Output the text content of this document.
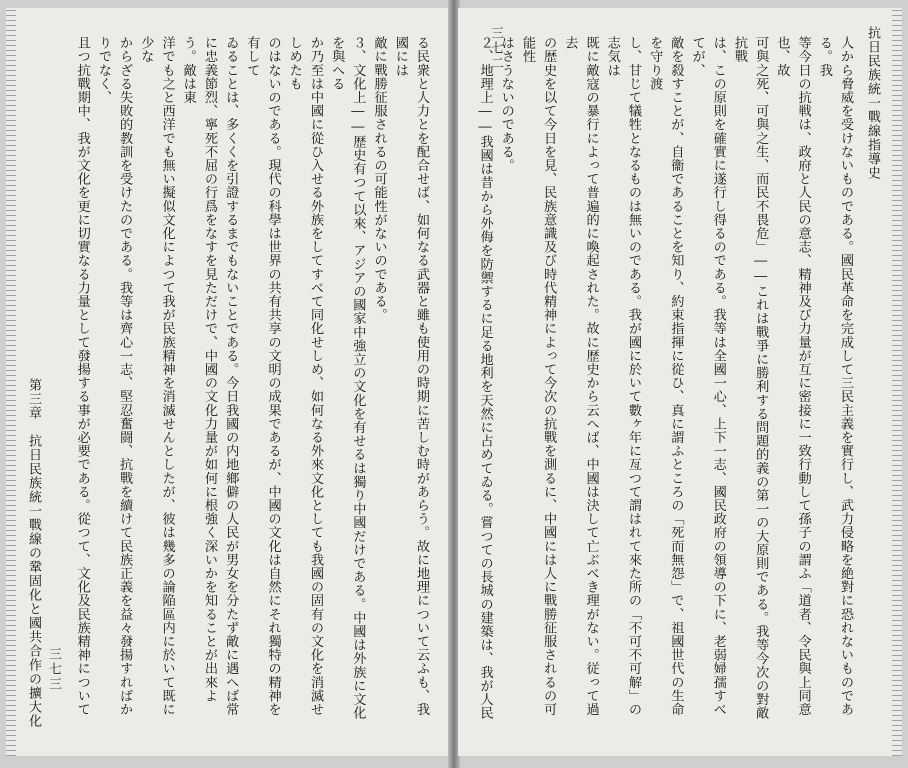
第三章　抗日民族統一戰線の鞏固化と國共合作の擴大化 三七三	る民衆と人力とを配合せば、如何なる武器と雖も使用の時期に苦しむ時があらう。故に地理について云ふも、我國には
敵に戰勝征服されるの可能性がないのである。
３、文化上――歴史有つて以來、アジアの國家中強立の文化を有せるは獨り中國だけである。中國は外族に文化を與へる
か乃至は中國に從ひ入せる外族をしてすべて同化せしめ、如何なる外來文化としても我國の固有の文化を消滅せしめたも
のはないのである。現代の科學は世界の共有共享の文明の成果であるが、中國の文化は自然にそれ獨特の精神を有して
ゐることは、多くくを引證するまでもないことである。今日我國の内地鄉僻の人民が男女を分たず敵に遇へば常
に忠義節烈、寧死不屈の行爲をなすを見ただけで、中國の文化力量が如何に根強く深いかを知ることが出來よう。敵は東
洋でも之と西洋でも無い擬似文化によつて我が民族精神を消滅せんとしたが、彼は幾多の論陥區内に於いて既に少な
からざる失敗的教訓を受けたのである。我等は齊心一志、堅忍奮闘、抗戰を續けて民族正義を益々發揚すればかりでなく、
且つ抗戰期中、我が文化を更に切實なる力量として發揚する事が必要である。從つて、文化及民族精神について
抗日民族統一戰線指導史
三七二	人から脅威を受けないものである。國民革命を完成して三民主義を實行し、武力侵略を絶對に恐れないものである。我
等今日の抗戦は、政府と人民の意志、精神及び力量が互に密接に一致行動して孫子の謂ふ「道者、令民與上同意也、故
可與之死、可與之生、而民不畏危」――これは戰爭に勝利する問題的義の第一の大原則である。我等今次の對敵抗戰
は、この原則を確實に遂行し得るのである。我等は全國一心、上下一志、國民政府の領導の下に、老弱婦孺すべてが、
敵を殺すことが、自衞であることを知り、約束指揮に從ひ、真に謂ふところの「死而無怨」で、祖國世代の生命を守り渡
し、甘じて犠牲となるものは無いのである。我が國に於いて數ヶ年に亙つて謂はれて來た所の「不可不可解」の志気は
既に敵寇の暴行によって普遍的に喚起された。故に歴史から云へば、中國は決して亡ぶべき理がない。従って過去
の歴史を以て今日を見、民族意識及び時代精神によって今次の抗戰を測るに、中國には人に戰勝征服されるの可能性
はさうないのである。
２、地理上――我國は昔から外侮を防禦するに足る地利を天然に占めてゐる。嘗つての長城の建築は、我が人民
